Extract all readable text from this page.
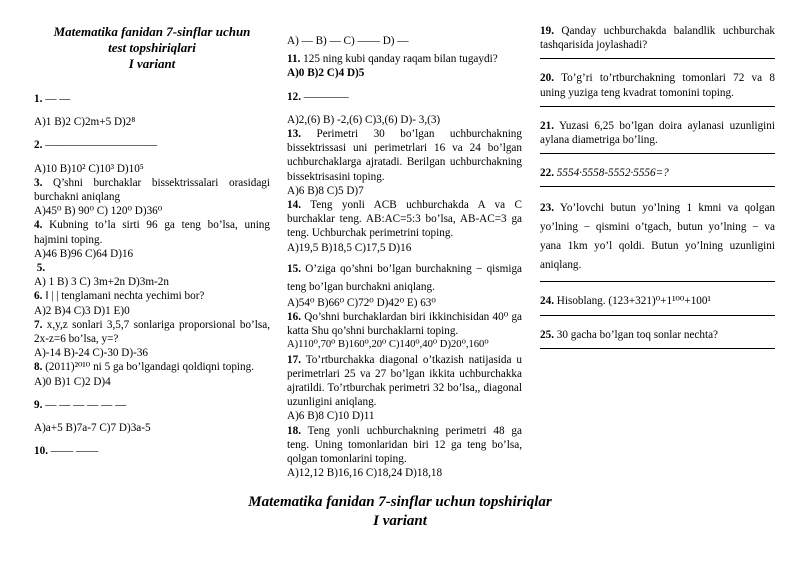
Matematika fanidan 7-sinflar uchun
test topshiriqlari
I variant
1. — —
A)1 B)2 C)2m+5 D)2⁸
2. ——————————
A)10 B)10² C)10³ D)10⁵
3. Q’shni burchaklar bissektrissalari orasidagi burchakni aniqlang
A)45⁰ B) 90⁰ C) 120⁰ D)36⁰
4. Kubning to’la sirti 96 ga teng bo’lsa, uning hajmini toping.
A)46 B)96 C)64 D)16
5.
A) 1 B) 3 C) 3m+2n D)3m-2n
6. ‖ | | tenglamani nechta yechimi bor?
A)2 B)4 C)3 D)1 E)0
7. x,y,z sonlari 3,5,7 sonlariga proporsional bo’lsa, 2x-z=6 bo’lsa, y=?
A)-14 B)-24 C)-30 D)-36
8. (2011)²⁰¹⁰ ni 5 ga bo’lgandagi qoldiqni toping.
A)0 B)1 C)2 D)4
9. — — — — — —
A)a+5 B)7a-7 C)7 D)3a-5
10. —— ——
A) — B) — C) —— D) —
11. 125 ning kubi qanday raqam bilan tugaydi?
A)0 B)2 C)4 D)5
12. ————
A)2,(6) B) -2,(6) C)3,(6) D)- 3,(3)
13. Perimetri 30 bo’lgan uchburchakning bissektrissasi uni perimetrlari 16 va 24 bo’lgan uchburchaklarga ajratadi. Berilgan uchburchakning bissektrisasini toping.
A)6 B)8 C)5 D)7
14. Teng yonli ACB uchburchakda A va C burchaklar teng. AB:AC=5:3 bo’lsa, AB-AC=3 ga teng. Uchburchak perimetrini toping.
A)19,5 B)18,5 C)17,5 D)16
15. O’ziga qo’shni bo’lgan burchakning − qismiga teng bo’lgan burchakni aniqlang.
A)54⁰ B)66⁰ C)72⁰ D)42⁰ E) 63⁰
16. Qo’shni burchaklardan biri ikkinchisidan 40⁰ ga katta Shu qo’shni burchaklarni toping.
A)110⁰,70⁰ B)160⁰,20⁰ C)140⁰,40⁰ D)20⁰,160⁰
17. To’rtburchakka diagonal o’tkazish natijasida u perimetrlari 25 va 27 bo’lgan ikkita uchburchakka ajratildi. To’rtburchak perimetri 32 bo’lsa,, diagonal uzunligini aniqlang.
A)6 B)8 C)10 D)11
18. Teng yonli uchburchakning perimetri 48 ga teng. Uning tomonlaridan biri 12 ga teng bo’lsa, qolgan tomonlarini toping.
A)12,12 B)16,16 C)18,24 D)18,18
19. Qanday uchburchakda balandlik uchburchak tashqarisida joylashadi?
20. To’g’ri to’rtburchakning tomonlari 72 va 8 uning yuziga teng kvadrat tomonini toping.
21. Yuzasi 6,25 bo’lgan doira aylanasi uzunligini aylana diametriga bo’ling.
22. 5554·5558-5552·5556=?
23. Yo’lovchi butun yo’lning 1 kmni va qolgan yo’lning − qismini o’tgach, butun yo’lning − va yana 1km yo’l qoldi. Butun yo’lning uzunligini aniqlang.
24. Hisoblang. (123+321)⁰+1¹⁰⁰+100¹
25. 30 gacha bo’lgan toq sonlar nechta?
Matematika fanidan 7-sinflar uchun topshiriqlar
I variant
